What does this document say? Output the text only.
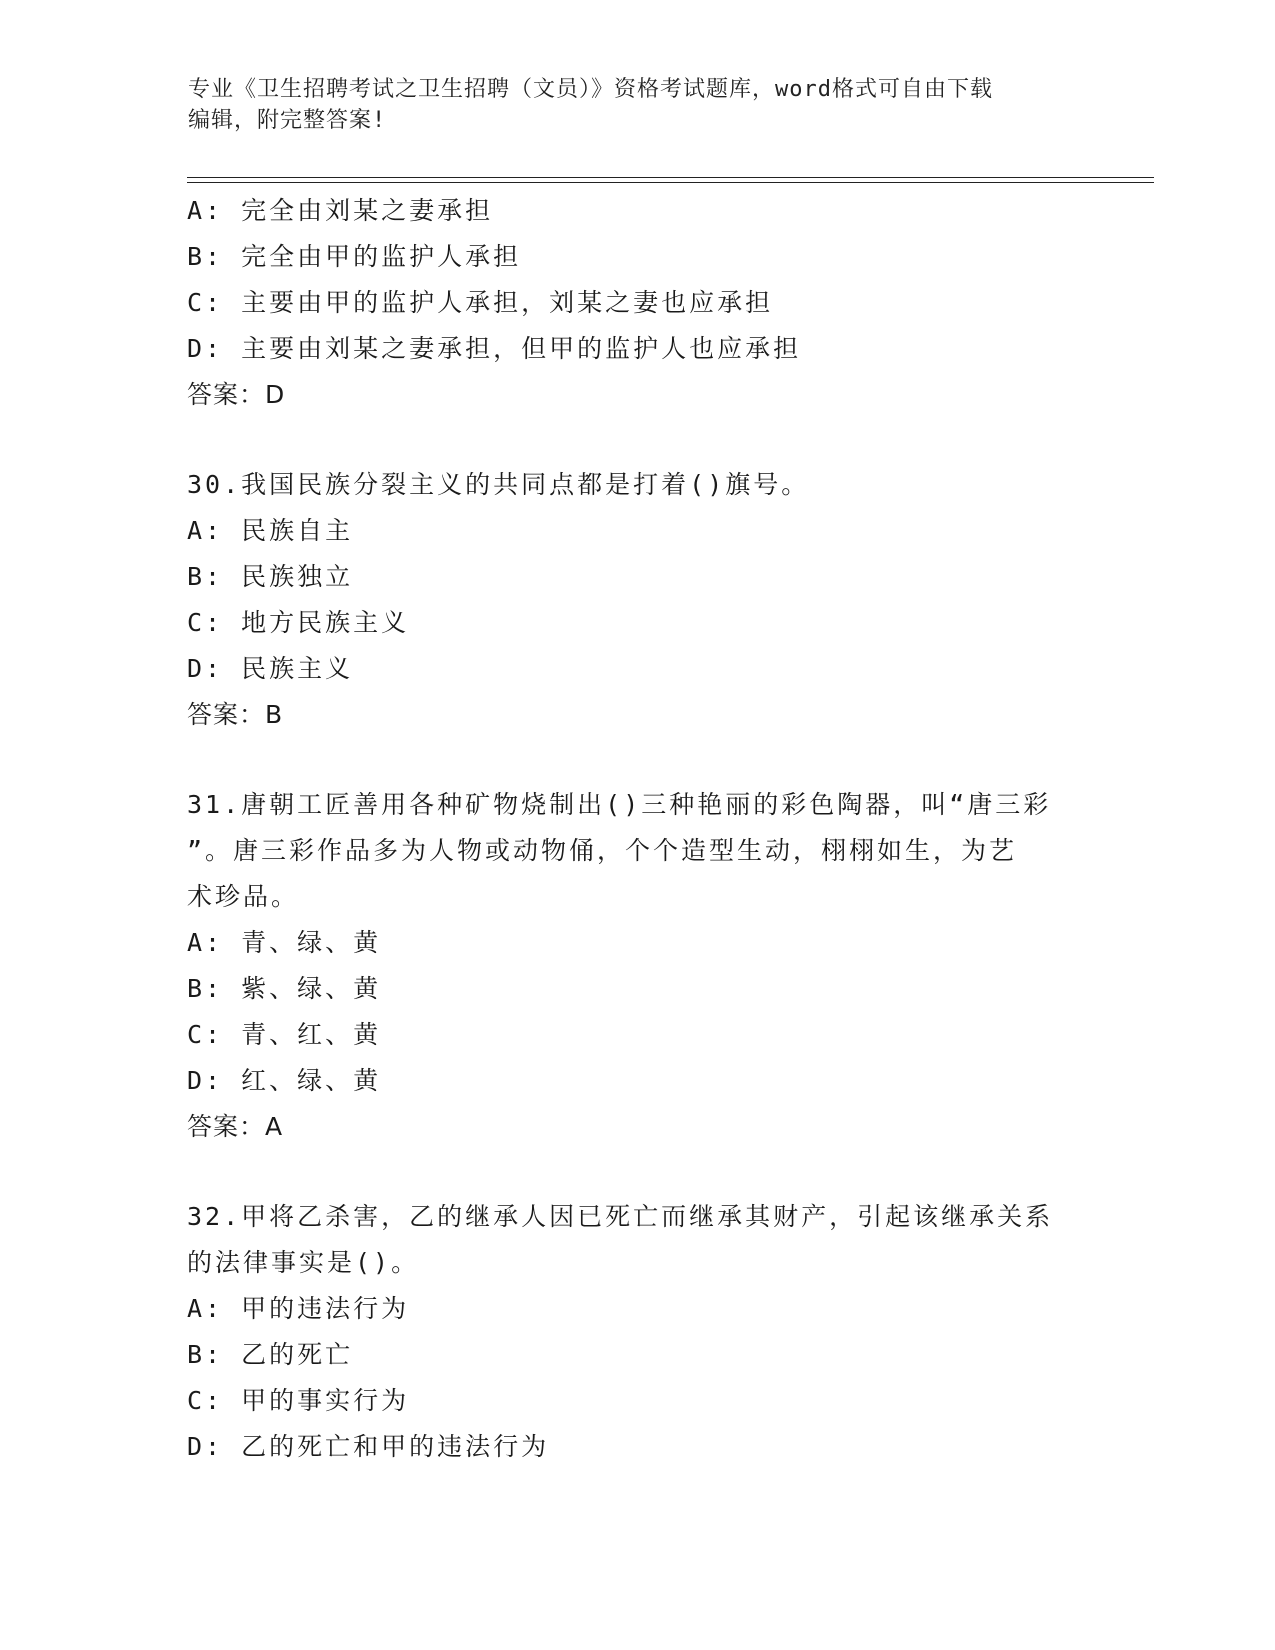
专业《卫生招聘考试之卫生招聘（文员）》资格考试题库，word格式可自由下载
编辑，附完整答案!
A: 完全由刘某之妻承担
B: 完全由甲的监护人承担
C: 主要由甲的监护人承担，刘某之妻也应承担
D: 主要由刘某之妻承担，但甲的监护人也应承担
答案：D
30.我国民族分裂主义的共同点都是打着()旗号。
A: 民族自主
B: 民族独立
C: 地方民族主义
D: 民族主义
答案：B
31.唐朝工匠善用各种矿物烧制出()三种艳丽的彩色陶器，叫“唐三彩
”。唐三彩作品多为人物或动物俑，个个造型生动，栩栩如生，为艺
术珍品。
A: 青、绿、黄
B: 紫、绿、黄
C: 青、红、黄
D: 红、绿、黄
答案：A
32.甲将乙杀害，乙的继承人因已死亡而继承其财产，引起该继承关系
的法律事实是()。
A: 甲的违法行为
B: 乙的死亡
C: 甲的事实行为
D: 乙的死亡和甲的违法行为
